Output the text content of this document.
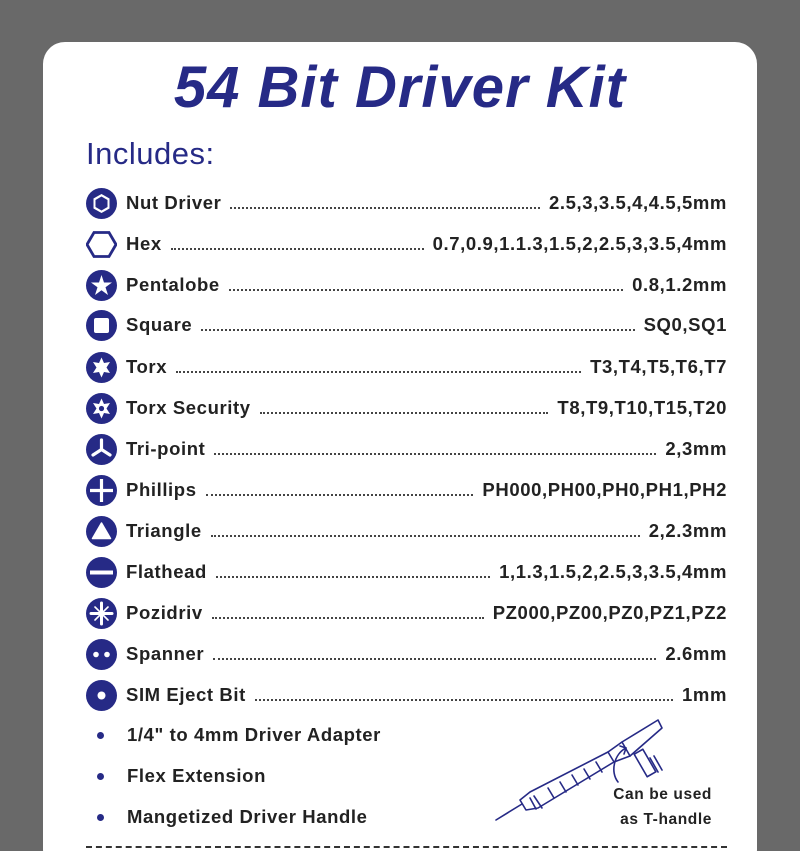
54 Bit Driver Kit
Includes:
Nut Driver	2.5,3,3.5,4,4.5,5mm
Hex	0.7,0.9,1.1.3,1.5,2,2.5,3,3.5,4mm
Pentalobe	0.8,1.2mm
Square	SQ0,SQ1
Torx	T3,T4,T5,T6,T7
Torx Security	T8,T9,T10,T15,T20
Tri-point	2,3mm
Phillips	PH000,PH00,PH0,PH1,PH2
Triangle	2,2.3mm
Flathead	1,1.3,1.5,2,2.5,3,3.5,4mm
Pozidriv	PZ000,PZ00,PZ0,PZ1,PZ2
Spanner	2.6mm
SIM Eject Bit	1mm
1/4" to 4mm Driver Adapter
Flex Extension
Mangetized Driver Handle
Can be used
as T-handle
